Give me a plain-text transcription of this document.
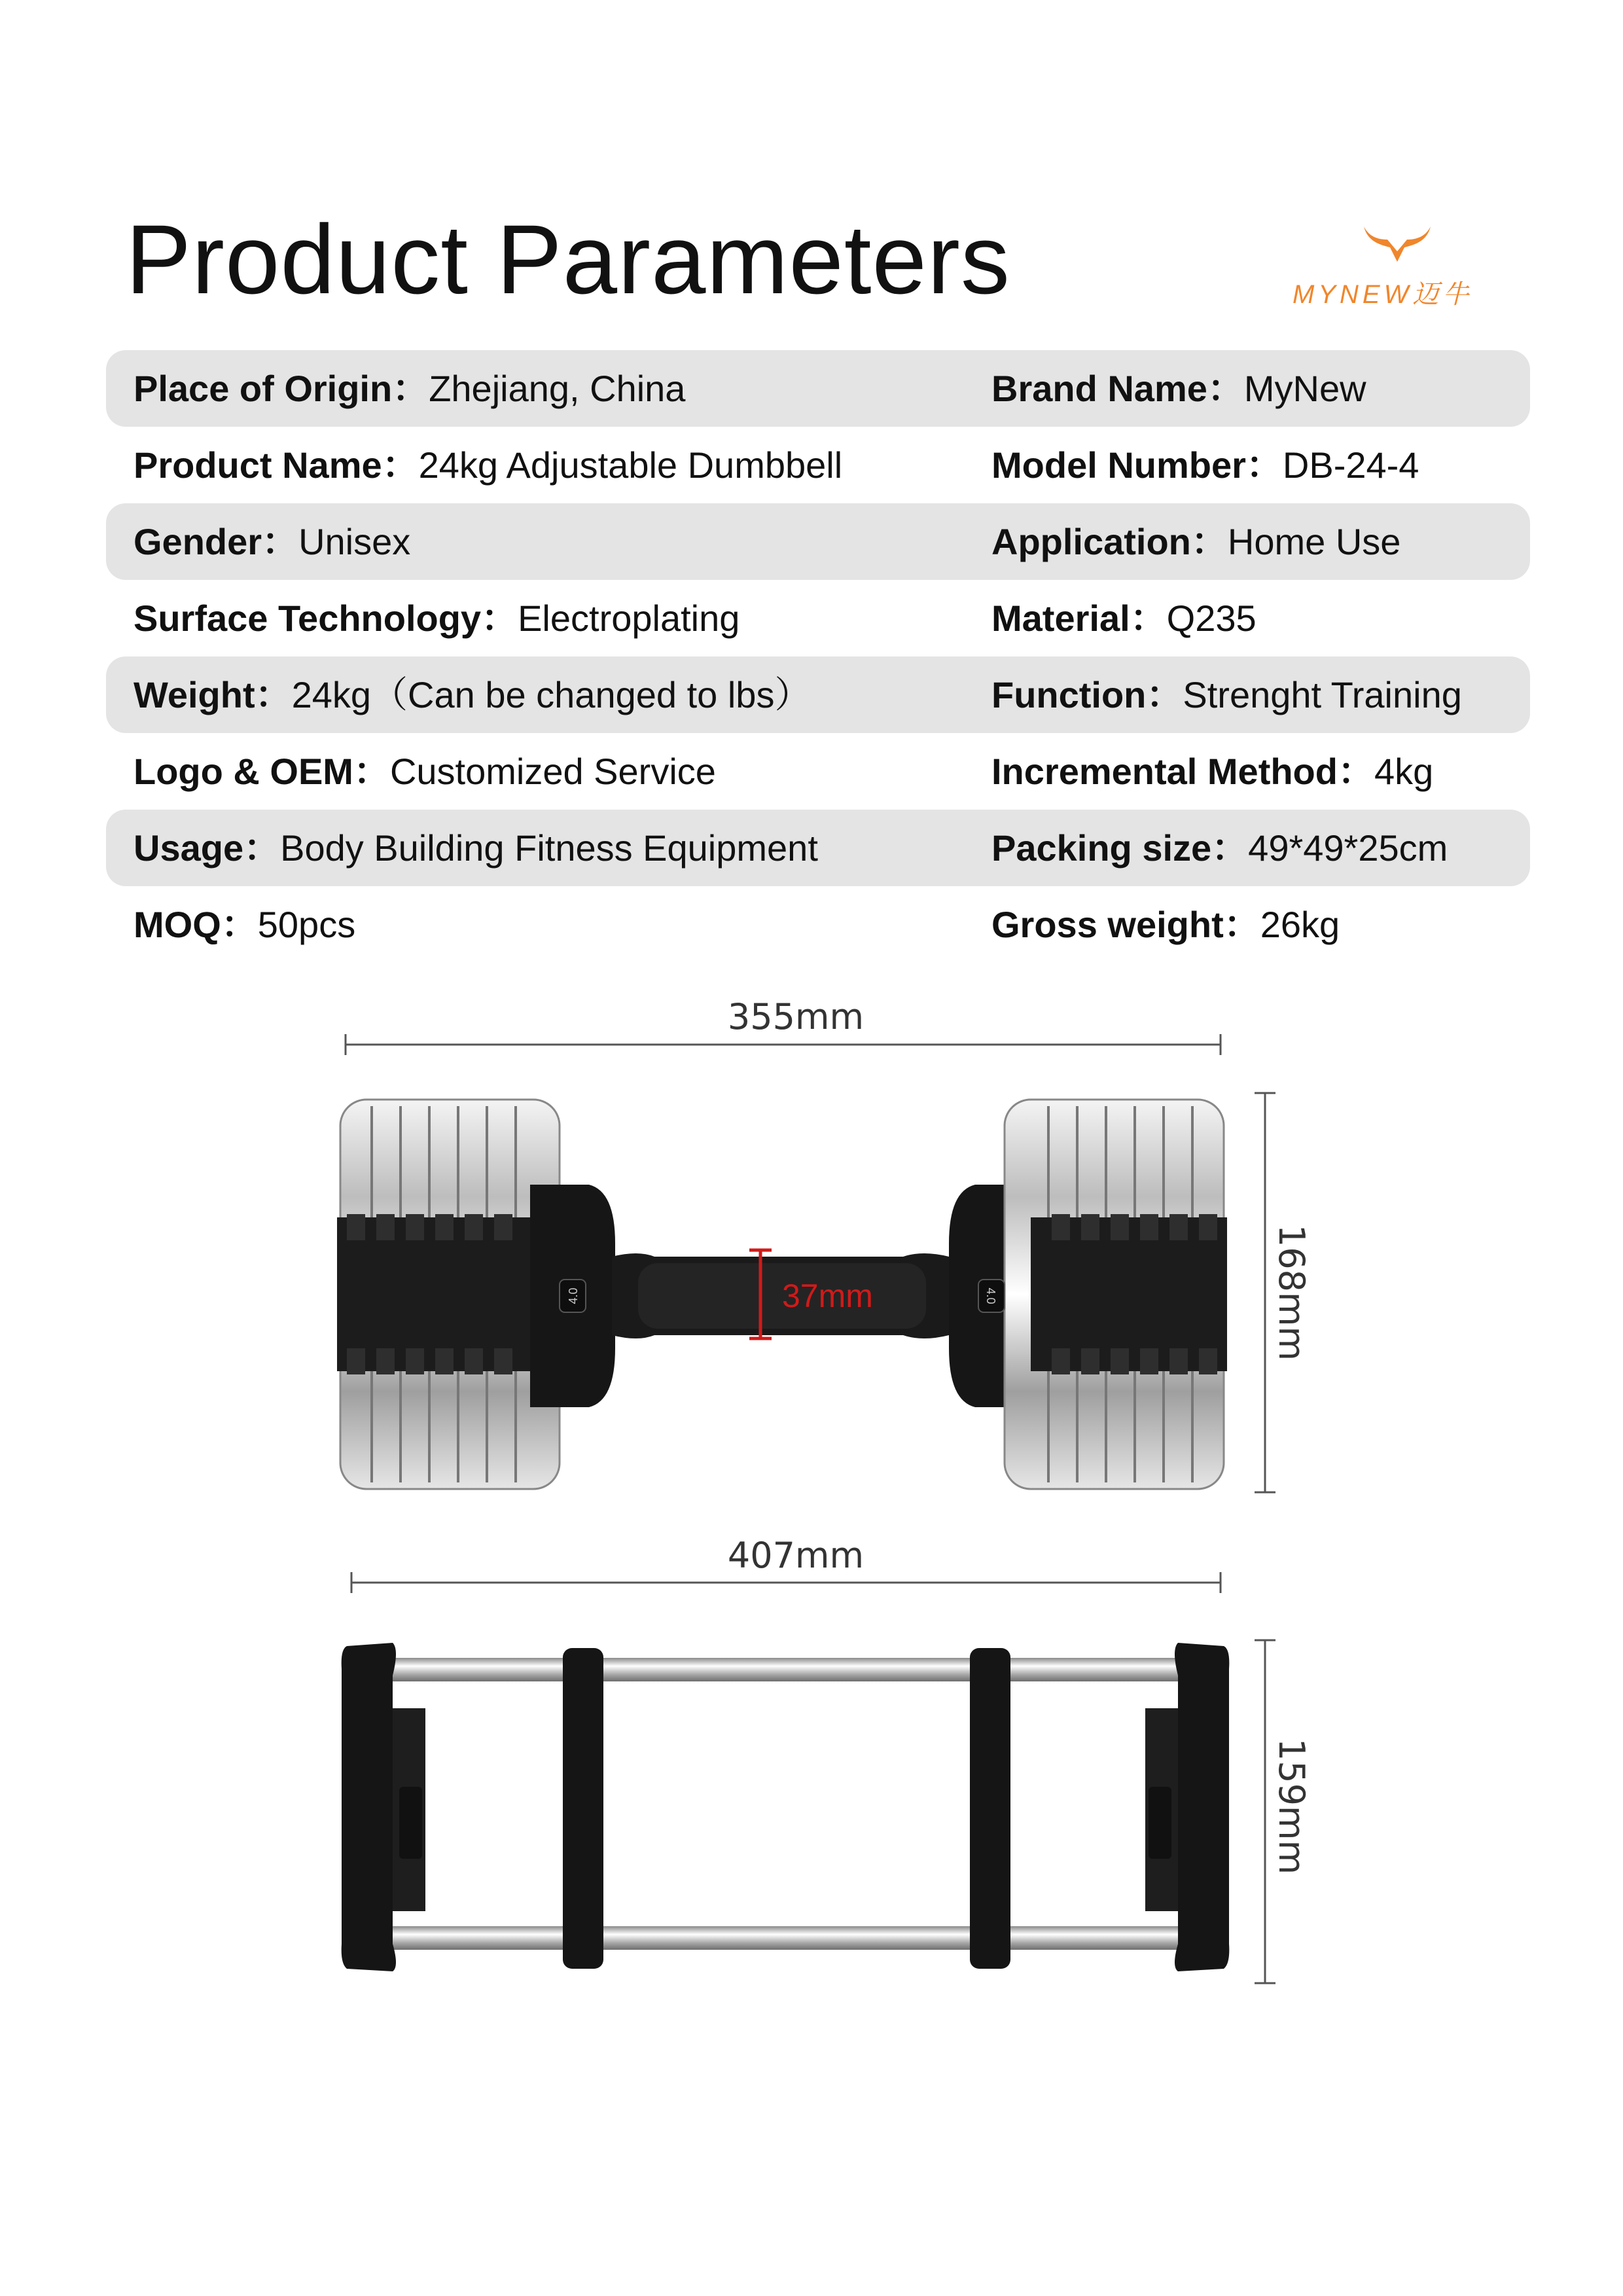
Product Parameters	MYNEW迈牛
Place of Origin：Zhejiang, China	Brand Name：MyNew
Product Name：24kg Adjustable Dumbbell	Model Number：DB-24-4
Gender：Unisex	Application：Home Use
Surface Technology：Electroplating	Material：Q235
Weight：24kg（Can be changed to lbs）	Function：Strenght Training
Logo & OEM：Customized Service	Incremental Method：4kg
Usage：Body Building Fitness Equipment	Packing size：49*49*25cm
MOQ：50pcs	Gross weight：26kg
355mm
4.0	4.0
37mm	168mm
407mm
159mm
